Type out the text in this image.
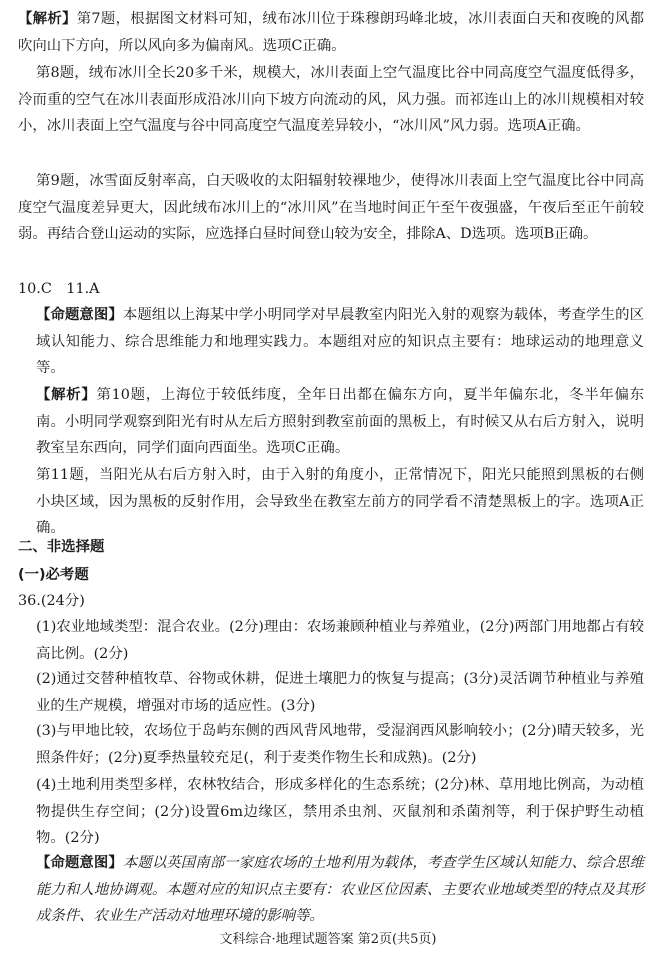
【解析】第7题，根据图文材料可知，绒布冰川位于珠穆朗玛峰北坡，冰川表面白天和夜晚的风都吹向山下方向，所以风向多为偏南风。选项C正确。
第8题，绒布冰川全长20多千米，规模大，冰川表面上空气温度比谷中同高度空气温度低得多，冷而重的空气在冰川表面形成沿冰川向下坡方向流动的风，风力强。而祁连山上的冰川规模相对较小，冰川表面上空气温度与谷中同高度空气温度差异较小，“冰川风”风力弱。选项A正确。
第9题，冰雪面反射率高，白天吸收的太阳辐射较裸地少，使得冰川表面上空气温度比谷中同高度空气温度差异更大，因此绒布冰川上的“冰川风”在当地时间正午至午夜强盛，午夜后至正午前较弱。再结合登山运动的实际，应选择白昼时间登山较为安全，排除A、D选项。选项B正确。
10.C　11.A
【命题意图】本题组以上海某中学小明同学对早晨教室内阳光入射的观察为载体，考查学生的区域认知能力、综合思维能力和地理实践力。本题组对应的知识点主要有：地球运动的地理意义等。
【解析】第10题，上海位于较低纬度，全年日出都在偏东方向，夏半年偏东北，冬半年偏东南。小明同学观察到阳光有时从左后方照射到教室前面的黑板上，有时候又从右后方射入，说明教室呈东西向，同学们面向西面坐。选项C正确。
第11题，当阳光从右后方射入时，由于入射的角度小，正常情况下，阳光只能照到黑板的右侧小块区域，因为黑板的反射作用，会导致坐在教室左前方的同学看不清楚黑板上的字。选项A正确。
二、非选择题
(一)必考题
36.(24分)
(1)农业地域类型：混合农业。(2分)理由：农场兼顾种植业与养殖业，(2分)两部门用地都占有较高比例。(2分)
(2)通过交替种植牧草、谷物或休耕，促进土壤肥力的恢复与提高；(3分)灵活调节种植业与养殖业的生产规模，增强对市场的适应性。(3分)
(3)与甲地比较，农场位于岛屿东侧的西风背风地带，受湿润西风影响较小；(2分)晴天较多，光照条件好；(2分)夏季热量较充足(，利于麦类作物生长和成熟)。(2分)
(4)土地利用类型多样，农林牧结合，形成多样化的生态系统；(2分)林、草用地比例高，为动植物提供生存空间；(2分)设置6m边缘区，禁用杀虫剂、灭鼠剂和杀菌剂等，利于保护野生动植物。(2分)
【命题意图】本题以英国南部一家庭农场的土地利用为载体，考查学生区域认知能力、综合思维能力和人地协调观。本题对应的知识点主要有：农业区位因素、主要农业地域类型的特点及其形成条件、农业生产活动对地理环境的影响等。
文科综合·地理试题答案 第2页(共5页)
